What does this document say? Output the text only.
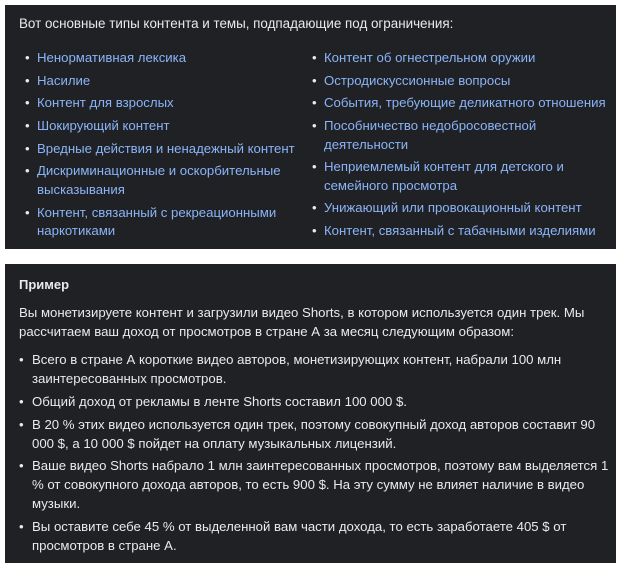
Вот основные типы контента и темы, подпадающие под ограничения:
• Ненормативная лексика
• Насилие
• Контент для взрослых
• Шокирующий контент
• Вредные действия и ненадежный контент
• Дискриминационные и оскорбительные высказывания
• Контент, связанный с рекреационными наркотиками
• Контент об огнестрельном оружии
• Остродискуссионные вопросы
• События, требующие деликатного отношения
• Пособничество недобросовестной деятельности
• Неприемлемый контент для детского и семейного просмотра
• Унижающий или провокационный контент
• Контент, связанный с табачными изделиями
Пример

Вы монетизируете контент и загрузили видео Shorts, в котором используется один трек. Мы рассчитаем ваш доход от просмотров в стране А за месяц следующим образом:

• Всего в стране А короткие видео авторов, монетизирующих контент, набрали 100 млн заинтересованных просмотров.
• Общий доход от рекламы в ленте Shorts составил 100 000 $.
• В 20 % этих видео используется один трек, поэтому совокупный доход авторов составит 90 000 $, а 10 000 $ пойдет на оплату музыкальных лицензий.
• Ваше видео Shorts набрало 1 млн заинтересованных просмотров, поэтому вам выделяется 1 % от совокупного дохода авторов, то есть 900 $. На эту сумму не влияет наличие в видео музыки.
• Вы оставите себе 45 % от выделенной вам части дохода, то есть заработаете 405 $ от просмотров в стране А.
